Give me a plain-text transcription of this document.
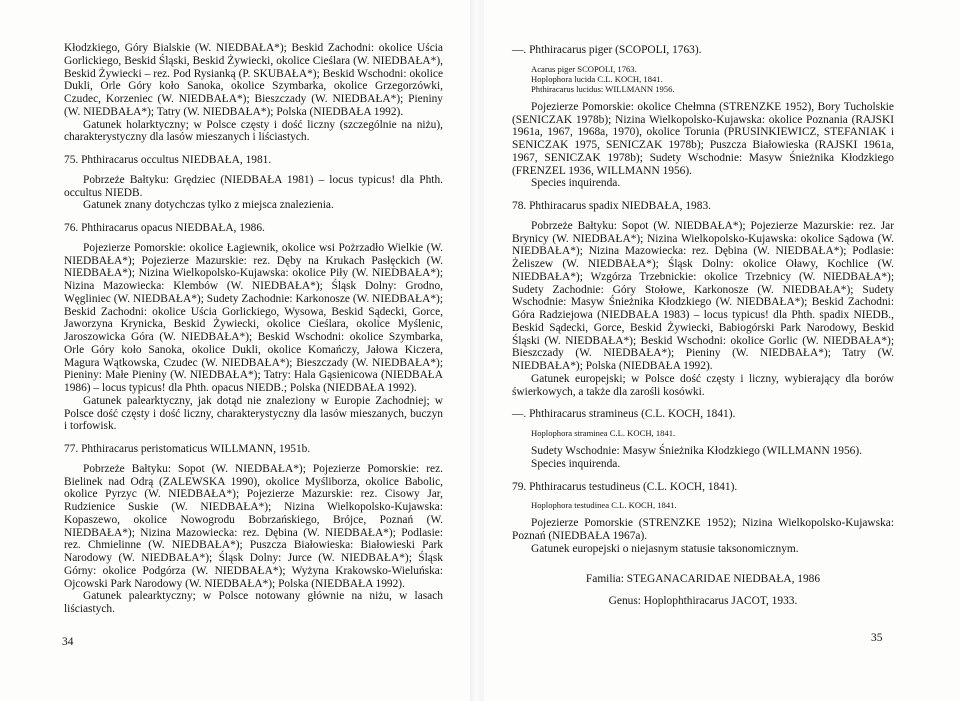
Kłodzkiego, Góry Bialskie (W. NIEDBAŁA*); Beskid Zachodni: okolice Uścia Gorlickiego, Beskid Śląski, Beskid Żywiecki, okolice Cieślara (W. NIEDBAŁA*), Beskid Żywiecki – rez. Pod Rysianką (P. SKUBAŁA*); Beskid Wschodni: okolice Dukli, Orle Góry koło Sanoka, okolice Szymbarka, okolice Grzegorzówki, Czudec, Korzeniec (W. NIEDBAŁA*); Bieszczady (W. NIEDBAŁA*); Pieniny (W. NIEDBAŁA*); Tatry (W. NIEDBAŁA*); Polska (NIEDBAŁA 1992).

Gatunek holarktyczny; w Polsce częsty i dość liczny (szczególnie na niżu), charakterystyczny dla lasów mieszanych i liściastych.

75. Phthiracarus occultus NIEDBAŁA, 1981.

Pobrzeże Bałtyku: Grędziec (NIEDBAŁA 1981) – locus typicus! dla Phth. occultus NIEDB.

Gatunek znany dotychczas tylko z miejsca znalezienia.

76. Phthiracarus opacus NIEDBAŁA, 1986.

Pojezierze Pomorskie: okolice Łagiewnik, okolice wsi Pożrzadło Wielkie (W. NIEDBAŁA*); Pojezierze Mazurskie: rez. Dęby na Krukach Pasłęckich (W. NIEDBAŁA*); Nizina Wielkopolsko-Kujawska: okolice Piły (W. NIEDBAŁA*); Nizina Mazowiecka: Klembów (W. NIEDBAŁA*); Śląsk Dolny: Grodno, Węgliniec (W. NIEDBAŁA*); Sudety Zachodnie: Karkonosze (W. NIEDBAŁA*); Beskid Zachodni: okolice Uścia Gorlickiego, Wysowa, Beskid Sądecki, Gorce, Jaworzyna Krynicka, Beskid Żywiecki, okolice Cieślara, okolice Myślenic, Jaroszowicka Góra (W. NIEDBAŁA*); Beskid Wschodni: okolice Szymbarka, Orle Góry koło Sanoka, okolice Dukli, okolice Komańczy, Jałowa Kiczera, Magura Wątkowska, Czudec (W. NIEDBAŁA*); Bieszczady (W. NIEDBAŁA*); Pieniny: Małe Pieniny (W. NIEDBAŁA*); Tatry: Hala Gąsienicowa (NIEDBAŁA 1986) – locus typicus! dla Phth. opacus NIEDB.; Polska (NIEDBAŁA 1992).

Gatunek palearktyczny, jak dotąd nie znaleziony w Europie Zachodniej; w Polsce dość częsty i dość liczny, charakterystyczny dla lasów mieszanych, buczyn i torfowisk.

77. Phthiracarus peristomaticus WILLMANN, 1951b.

Pobrzeże Bałtyku: Sopot (W. NIEDBAŁA*); Pojezierze Pomorskie: rez. Bielinek nad Odrą (ZALEWSKA 1990), okolice Myśliborza, okolice Babolic, okolice Pyrzyc (W. NIEDBAŁA*); Pojezierze Mazurskie: rez. Cisowy Jar, Rudzienice Suskie (W. NIEDBAŁA*); Nizina Wielkopolsko-Kujawska: Kopaszewo, okolice Nowogrodu Bobrzańskiego, Brójce, Poznań (W. NIEDBAŁA*); Nizina Mazowiecka: rez. Dębina (W. NIEDBAŁA*); Podlasie: rez. Chmielinne (W. NIEDBAŁA*); Puszcza Białowieska: Białowieski Park Narodowy (W. NIEDBAŁA*); Śląsk Dolny: Jurce (W. NIEDBAŁA*); Śląsk Górny: okolice Podgórza (W. NIEDBAŁA*); Wyżyna Krakowsko-Wieluńska: Ojcowski Park Narodowy (W. NIEDBAŁA*); Polska (NIEDBAŁA 1992).

Gatunek palearktyczny; w Polsce notowany głównie na niżu, w lasach liściastych.

34

—. Phthiracarus piger (SCOPOLI, 1763).

Acarus piger SCOPOLI, 1763.

Hoplophora lucida C.L. KOCH, 1841.

Phthiracarus lucidus: WILLMANN 1956.

Pojezierze Pomorskie: okolice Chełmna (STRENZKE 1952), Bory Tucholskie (SENICZAK 1978b); Nizina Wielkopolsko-Kujawska: okolice Poznania (RAJSKI 1961a, 1967, 1968a, 1970), okolice Torunia (PRUSINKIEWICZ, STEFANIAK i SENICZAK 1975, SENICZAK 1978b); Puszcza Białowieska (RAJSKI 1961a, 1967, SENICZAK 1978b); Sudety Wschodnie: Masyw Śnieżnika Kłodzkiego (FRENZEL 1936, WILLMANN 1956).

Species inquirenda.

78. Phthiracarus spadix NIEDBAŁA, 1983.

Pobrzeże Bałtyku: Sopot (W. NIEDBAŁA*); Pojezierze Mazurskie: rez. Jar Brynicy (W. NIEDBAŁA*); Nizina Wielkopolsko-Kujawska: okolice Sądowa (W. NIEDBAŁA*); Nizina Mazowiecka: rez. Dębina (W. NIEDBAŁA*); Podlasie: Żeliszew (W. NIEDBAŁA*); Śląsk Dolny: okolice Oławy, Kochlice (W. NIEDBAŁA*); Wzgórza Trzebnickie: okolice Trzebnicy (W. NIEDBAŁA*); Sudety Zachodnie: Góry Stołowe, Karkonosze (W. NIEDBAŁA*); Sudety Wschodnie: Masyw Śnieżnika Kłodzkiego (W. NIEDBAŁA*); Beskid Zachodni: Góra Radziejowa (NIEDBAŁA 1983) – locus typicus! dla Phth. spadix NIEDB., Beskid Sądecki, Gorce, Beskid Żywiecki, Babiogórski Park Narodowy, Beskid Śląski (W. NIEDBAŁA*); Beskid Wschodni: okolice Gorlic (W. NIEDBAŁA*); Bieszczady (W. NIEDBAŁA*); Pieniny (W. NIEDBAŁA*); Tatry (W. NIEDBAŁA*); Polska (NIEDBAŁA 1992).

Gatunek europejski; w Polsce dość częsty i liczny, wybierający dla borów świerkowych, a także dla zarośli kosówki.

—. Phthiracarus stramineus (C.L. KOCH, 1841).

Hoplophora straminea C.L. KOCH, 1841.

Sudety Wschodnie: Masyw Śnieżnika Kłodzkiego (WILLMANN 1956).

Species inquirenda.

79. Phthiracarus testudineus (C.L. KOCH, 1841).

Hoplophora testudinea C.L. KOCH, 1841.

Pojezierze Pomorskie (STRENZKE 1952); Nizina Wielkopolsko-Kujawska: Poznań (NIEDBAŁA 1967a).

Gatunek europejski o niejasnym statusie taksonomicznym.

Familia: STEGANACARIDAE NIEDBAŁA, 1986

Genus: Hoplophthiracarus JACOT, 1933.

35
